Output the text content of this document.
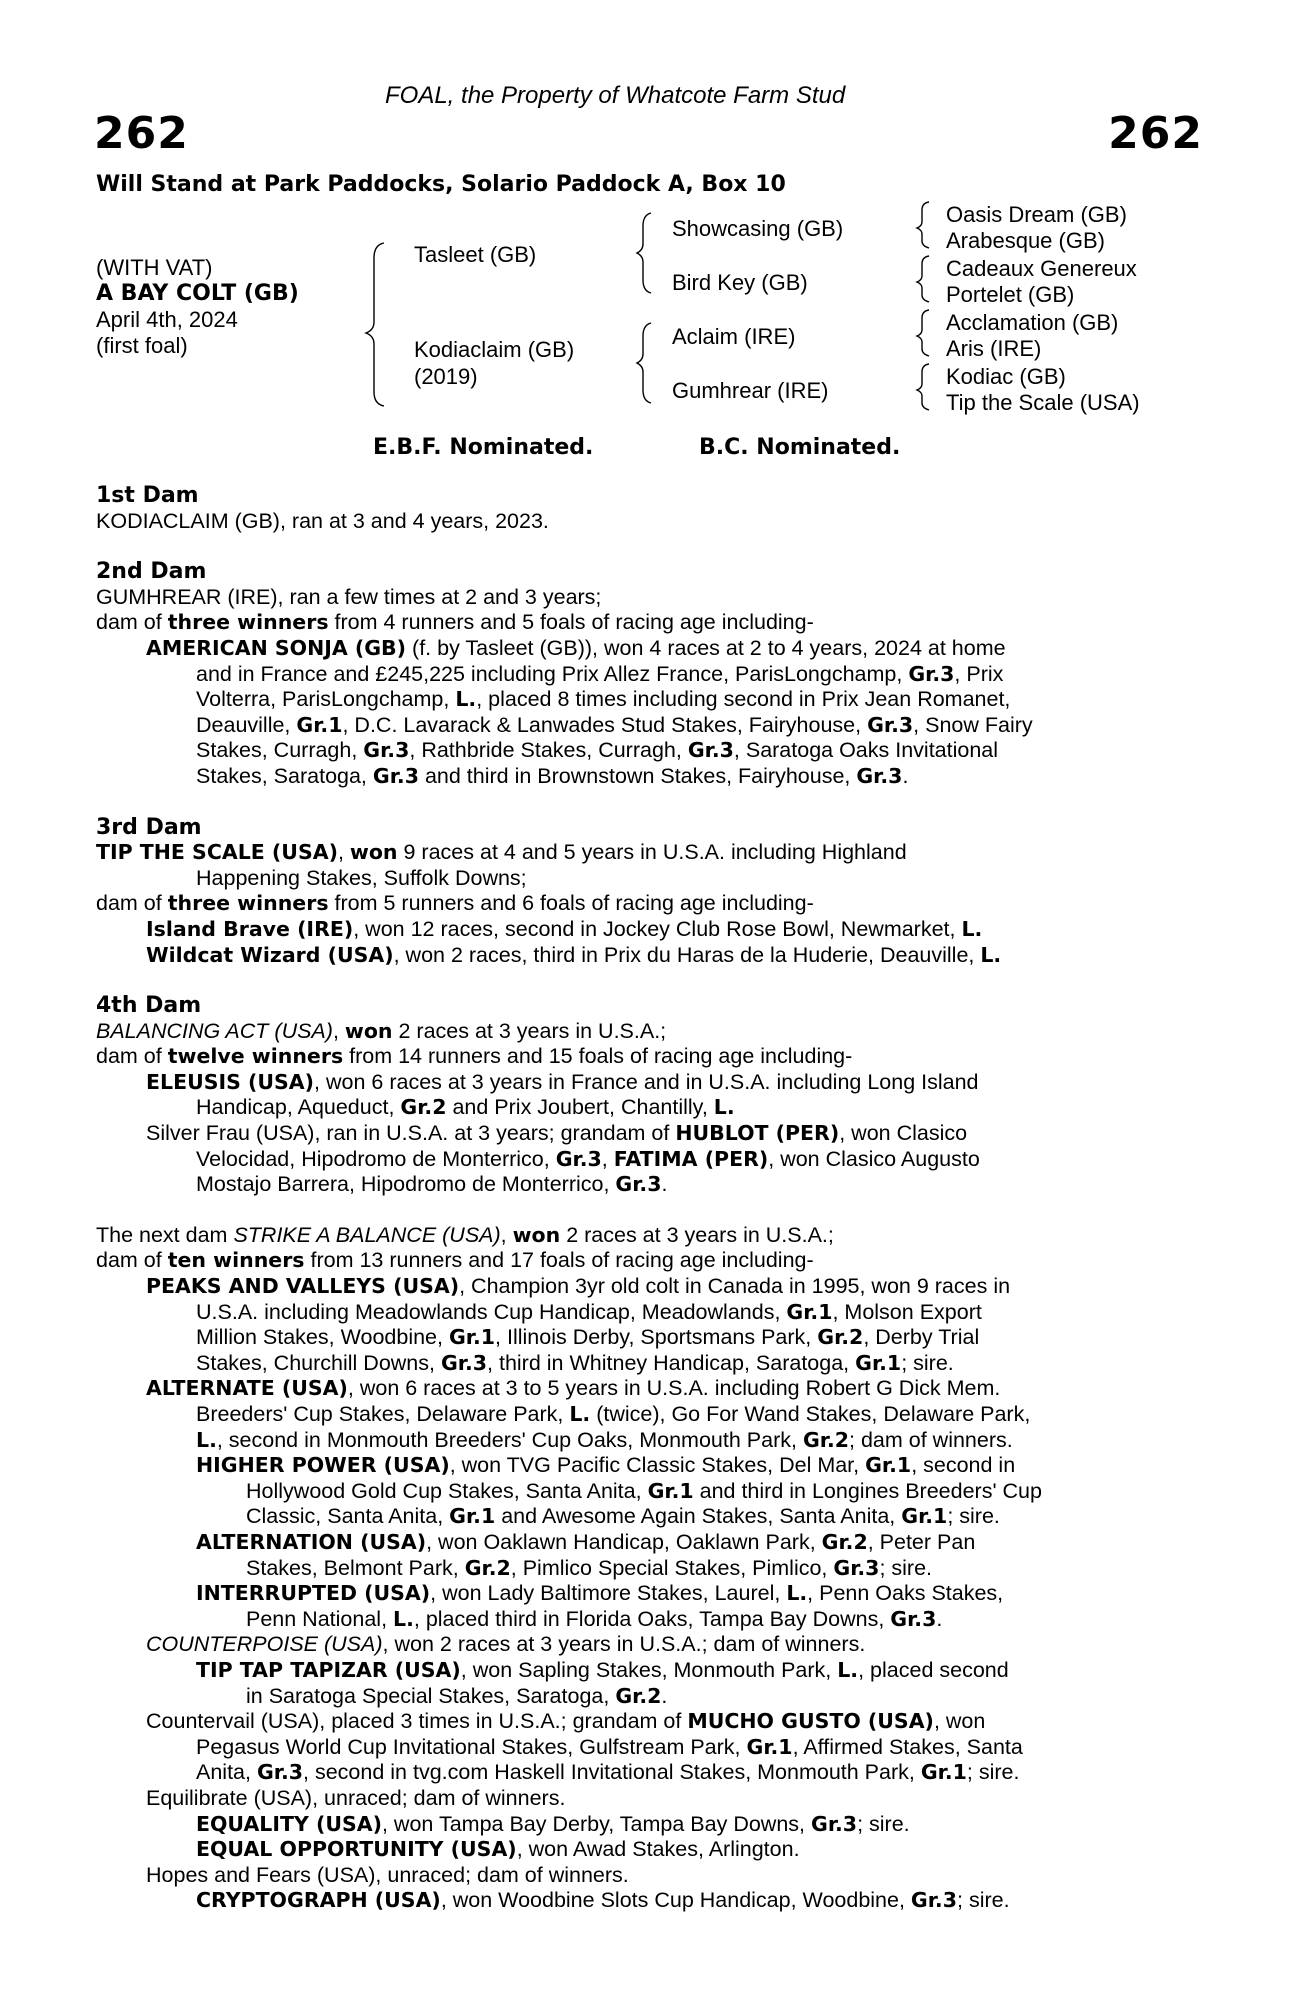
262	262
FOAL, the Property of Whatcote Farm Stud
Will Stand at Park Paddocks, Solario Paddock A, Box 10
(WITH VAT)
A BAY COLT (GB)
April 4th, 2024
(first foal)
Tasleet (GB)
Kodiaclaim (GB)
(2019)
Showcasing (GB)
Bird Key (GB)
Aclaim (IRE)
Gumhrear (IRE)
Oasis Dream (GB)
Arabesque (GB)
Cadeaux Genereux
Portelet (GB)
Acclamation (GB)
Aris (IRE)
Kodiac (GB)
Tip the Scale (USA)
E.B.F. Nominated.	B.C. Nominated.
1st Dam
KODIACLAIM (GB), ran at 3 and 4 years, 2023.
2nd Dam
GUMHREAR (IRE), ran a few times at 2 and 3 years;
dam of three winners from 4 runners and 5 foals of racing age including-
AMERICAN SONJA (GB) (f. by Tasleet (GB)), won 4 races at 2 to 4 years, 2024 at home
and in France and £245,225 including Prix Allez France, ParisLongchamp, Gr.3, Prix
Volterra, ParisLongchamp, L., placed 8 times including second in Prix Jean Romanet,
Deauville, Gr.1, D.C. Lavarack & Lanwades Stud Stakes, Fairyhouse, Gr.3, Snow Fairy
Stakes, Curragh, Gr.3, Rathbride Stakes, Curragh, Gr.3, Saratoga Oaks Invitational
Stakes, Saratoga, Gr.3 and third in Brownstown Stakes, Fairyhouse, Gr.3.
3rd Dam
TIP THE SCALE (USA), won 9 races at 4 and 5 years in U.S.A. including Highland
Happening Stakes, Suffolk Downs;
dam of three winners from 5 runners and 6 foals of racing age including-
Island Brave (IRE), won 12 races, second in Jockey Club Rose Bowl, Newmarket, L.
Wildcat Wizard (USA), won 2 races, third in Prix du Haras de la Huderie, Deauville, L.
4th Dam
BALANCING ACT (USA), won 2 races at 3 years in U.S.A.;
dam of twelve winners from 14 runners and 15 foals of racing age including-
ELEUSIS (USA), won 6 races at 3 years in France and in U.S.A. including Long Island
Handicap, Aqueduct, Gr.2 and Prix Joubert, Chantilly, L.
Silver Frau (USA), ran in U.S.A. at 3 years; grandam of HUBLOT (PER), won Clasico
Velocidad, Hipodromo de Monterrico, Gr.3, FATIMA (PER), won Clasico Augusto
Mostajo Barrera, Hipodromo de Monterrico, Gr.3.
The next dam STRIKE A BALANCE (USA), won 2 races at 3 years in U.S.A.;
dam of ten winners from 13 runners and 17 foals of racing age including-
PEAKS AND VALLEYS (USA), Champion 3yr old colt in Canada in 1995, won 9 races in
U.S.A. including Meadowlands Cup Handicap, Meadowlands, Gr.1, Molson Export
Million Stakes, Woodbine, Gr.1, Illinois Derby, Sportsmans Park, Gr.2, Derby Trial
Stakes, Churchill Downs, Gr.3, third in Whitney Handicap, Saratoga, Gr.1; sire.
ALTERNATE (USA), won 6 races at 3 to 5 years in U.S.A. including Robert G Dick Mem.
Breeders' Cup Stakes, Delaware Park, L. (twice), Go For Wand Stakes, Delaware Park,
L., second in Monmouth Breeders' Cup Oaks, Monmouth Park, Gr.2; dam of winners.
HIGHER POWER (USA), won TVG Pacific Classic Stakes, Del Mar, Gr.1, second in
Hollywood Gold Cup Stakes, Santa Anita, Gr.1 and third in Longines Breeders' Cup
Classic, Santa Anita, Gr.1 and Awesome Again Stakes, Santa Anita, Gr.1; sire.
ALTERNATION (USA), won Oaklawn Handicap, Oaklawn Park, Gr.2, Peter Pan
Stakes, Belmont Park, Gr.2, Pimlico Special Stakes, Pimlico, Gr.3; sire.
INTERRUPTED (USA), won Lady Baltimore Stakes, Laurel, L., Penn Oaks Stakes,
Penn National, L., placed third in Florida Oaks, Tampa Bay Downs, Gr.3.
COUNTERPOISE (USA), won 2 races at 3 years in U.S.A.; dam of winners.
TIP TAP TAPIZAR (USA), won Sapling Stakes, Monmouth Park, L., placed second
in Saratoga Special Stakes, Saratoga, Gr.2.
Countervail (USA), placed 3 times in U.S.A.; grandam of MUCHO GUSTO (USA), won
Pegasus World Cup Invitational Stakes, Gulfstream Park, Gr.1, Affirmed Stakes, Santa
Anita, Gr.3, second in tvg.com Haskell Invitational Stakes, Monmouth Park, Gr.1; sire.
Equilibrate (USA), unraced; dam of winners.
EQUALITY (USA), won Tampa Bay Derby, Tampa Bay Downs, Gr.3; sire.
EQUAL OPPORTUNITY (USA), won Awad Stakes, Arlington.
Hopes and Fears (USA), unraced; dam of winners.
CRYPTOGRAPH (USA), won Woodbine Slots Cup Handicap, Woodbine, Gr.3; sire.
